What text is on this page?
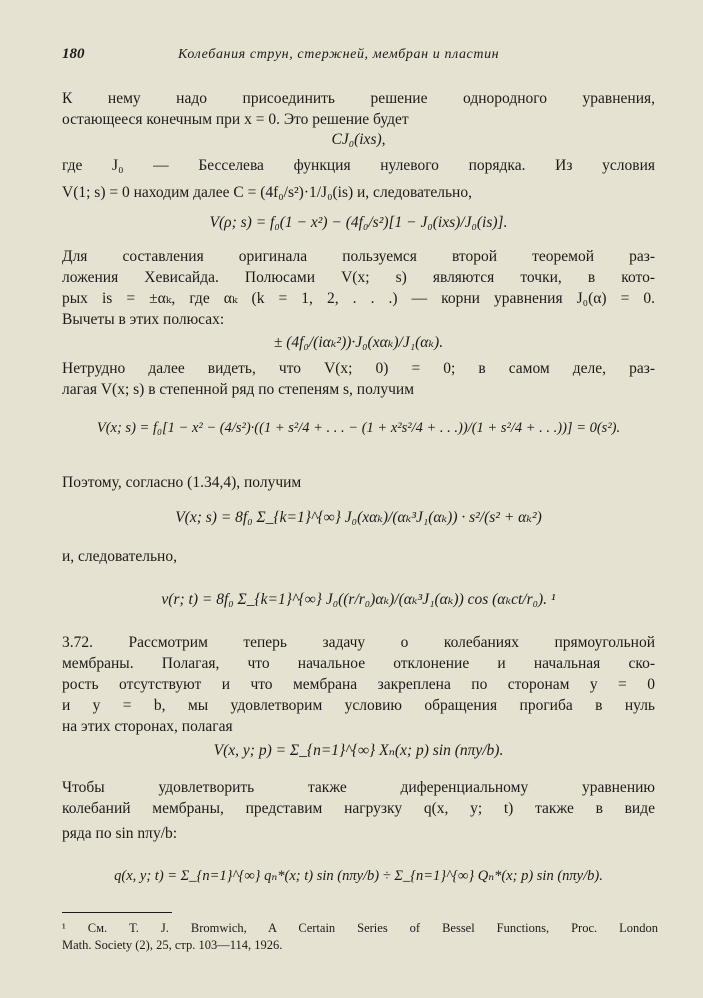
180	Колебания струн, стержней, мембран и пластин
К нему надо присоединить решение однородного уравнения,
остающееся конечным при x = 0. Это решение будет
CJ₀(ixs),
где J₀ — Бесселева функция нулевого порядка. Из условия
V(1; s) = 0 находим далее C = (4f₀/s²)·1/J₀(is) и, следовательно,
V(ρ; s) = f₀(1 − x²) − (4f₀/s²)[1 − J₀(ixs)/J₀(is)].
Для составления оригинала пользуемся второй теоремой раз-
ложения Хевисайда. Полюсами V(x; s) являются точки, в кото-
рых is = ±αₖ, где αₖ (k = 1, 2, . . .) — корни уравнения J₀(α) = 0.
Вычеты в этих полюсах:
± (4f₀/(iαₖ²))·J₀(xαₖ)/J₁(αₖ).
Нетрудно далее видеть, что V(x; 0) = 0; в самом деле, раз-
лагая V(x; s) в степенной ряд по степеням s, получим
V(x; s) = f₀[1 − x² − (4/s²)·((1 + s²/4 + . . . − (1 + x²s²/4 + . . .))/(1 + s²/4 + . . .))] = 0(s²).
Поэтому, согласно (1.34,4), получим
V(x; s) = 8f₀ Σ_{k=1}^{∞} J₀(xαₖ)/(αₖ³J₁(αₖ)) · s²/(s² + αₖ²)
и, следовательно,
v(r; t) = 8f₀ Σ_{k=1}^{∞} J₀((r/r₀)αₖ)/(αₖ³J₁(αₖ)) cos (αₖct/r₀). ¹
3.72. Рассмотрим теперь задачу о колебаниях прямоугольной
мембраны. Полагая, что начальное отклонение и начальная ско-
рость отсутствуют и что мембрана закреплена по сторонам y = 0
и y = b, мы удовлетворим условию обращения прогиба в нуль
на этих сторонах, полагая
V(x, y; p) = Σ_{n=1}^{∞} Xₙ(x; p) sin (nπy/b).
Чтобы удовлетворить также диференциальному уравнению
колебаний мембраны, представим нагрузку q(x, y; t) также в виде
ряда по sin nπy/b:
q(x, y; t) = Σ_{n=1}^{∞} qₙ*(x; t) sin (nπy/b) ÷ Σ_{n=1}^{∞} Qₙ*(x; p) sin (nπy/b).
¹ См. T. J. Bromwich, A Certain Series of Bessel Functions, Proc. London
Math. Society (2), 25, стр. 103—114, 1926.
